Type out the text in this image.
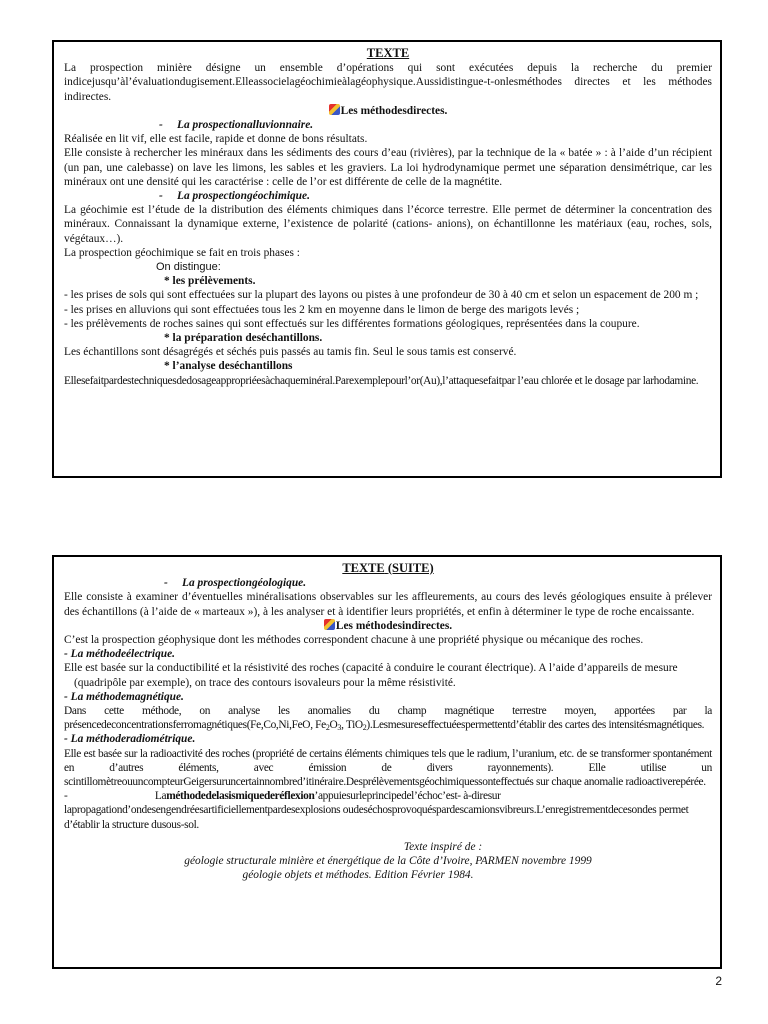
TEXTE

La prospection minière désigne un ensemble d’opérations qui sont exécutées depuis la recherche du premier indicejusqu’àl’évaluationdugisement.Elleassocielagéochimieàlagéophysique.Aussidistingue-t-onlesméthodes directes et les méthodes indirectes.

Les méthodesdirectes.

-     La prospectionalluvionnaire.

Réalisée en lit vif, elle est facile, rapide et donne de bons résultats.

Elle consiste à rechercher les minéraux dans les sédiments des cours d’eau (rivières), par la technique de la « batée » : à l’aide d’un récipient (un pan, une calebasse) on lave les limons, les sables et les graviers. La loi hydrodynamique permet une séparation densimétrique, car les minéraux ont une densité qui les caractérise : celle de l’or est différente de celle de la magnétite.

-     La prospectiongéochimique.

La géochimie est l’étude de la distribution des éléments chimiques dans l’écorce terrestre. Elle permet de déterminer la concentration des minéraux. Connaissant la dynamique externe, l’existence de polarité (cations- anions), on échantillonne les matériaux (eau, roches, sols, végétaux…).

La prospection géochimique se fait en trois phases :

On distingue:

* les prélèvements.

- les prises de sols qui sont effectuées sur la plupart des layons ou pistes à une profondeur de 30 à 40 cm et selon un espacement de 200 m ;

- les prises en alluvions qui sont effectuées tous les 2 km en moyenne dans le limon de berge des marigots levés ;

- les prélèvements de roches saines qui sont effectués sur les différentes formations géologiques, représentées dans la coupure.

* la préparation deséchantillons.

Les échantillons sont désagrégés et séchés puis passés au tamis fin. Seul le sous tamis est conservé.

* l’analyse deséchantillons

Ellesefaitpardestechniquesdedosageappropriéesàchaqueminéral.Parexemplepourl’or(Au),l’attaquesefaitpar l’eau chlorée et le dosage par larhodamine.

TEXTE (SUITE)

-     La prospectiongéologique.

Elle consiste à examiner d’éventuelles minéralisations observables sur les affleurements, au cours des levés géologiques ensuite à prélever des échantillons (à l’aide de « marteaux »), à les analyser et à identifier leurs propriétés, et enfin à déterminer le type de roche encaissante.

Les méthodesindirectes.

C’est la prospection géophysique dont les méthodes correspondent chacune à une propriété physique ou mécanique des roches.

- La méthodeélectrique.

Elle est basée sur la conductibilité et la résistivité des roches (capacité à conduire le courant électrique). A l’aide d’appareils de mesure (quadripôle par exemple), on trace des contours isovaleurs pour la même résistivité.

- La méthodemagnétique.

Dans cette méthode, on analyse les anomalies du champ magnétique terrestre moyen, apportées par la présencedeconcentrationsferromagnétiques(Fe,Co,Ni,FeO, $Fe_2O_3$, TiO$_2$).Lesmesureseffectuéespermettentd’établir des cartes des intensitésmagnétiques.

- La méthoderadiométrique.

Elle est basée sur la radioactivité des roches (propriété de certains éléments chimiques tels que le radium, l’uranium, etc. de se transformer spontanément en d’autres éléments, avec émission de divers rayonnements). Elle utilise un scintillomètreouuncompteurGeigersuruncertainnombred’itinéraire.Desprélèvementsgéochimiquessonteffectués sur chaque anomalie radioactiverepérée.

-                                   Laméthodedelasismiquederéflexion’appuiesurleprincipedel’échoc’est- à-diresur lapropagationd’ondesengendréesartificiellementpardesexplosions oudeséchosprovoquéspardescamionsvibreurs.L’enregistrementdecesondes permet d’établir la structure dusous-sol.

Texte inspiré de :

géologie structurale minière et énergétique de la Côte d’Ivoire, PARMEN novembre 1999

géologie objets et méthodes. Edition Février 1984.

2
